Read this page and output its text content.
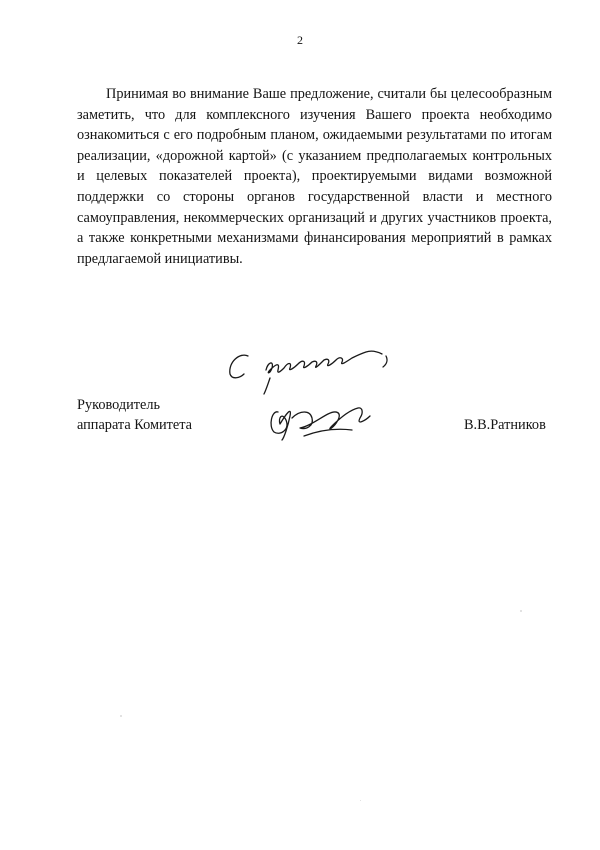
2

Принимая во внимание Ваше предложение, считали бы целесообразным заметить, что для комплексного изучения Вашего проекта необходимо ознакомиться с его подробным планом, ожидаемыми результатами по итогам реализации, «дорожной картой» (с указанием предполагаемых контрольных и целевых показателей проекта), проектируемыми видами возможной поддержки со стороны органов государственной власти и местного самоуправления, некоммерческих организаций и других участников проекта, а также конкретными механизмами финансирования мероприятий в рамках предлагаемой инициативы.

Руководитель
аппарата Комитета	В.В.Ратников
